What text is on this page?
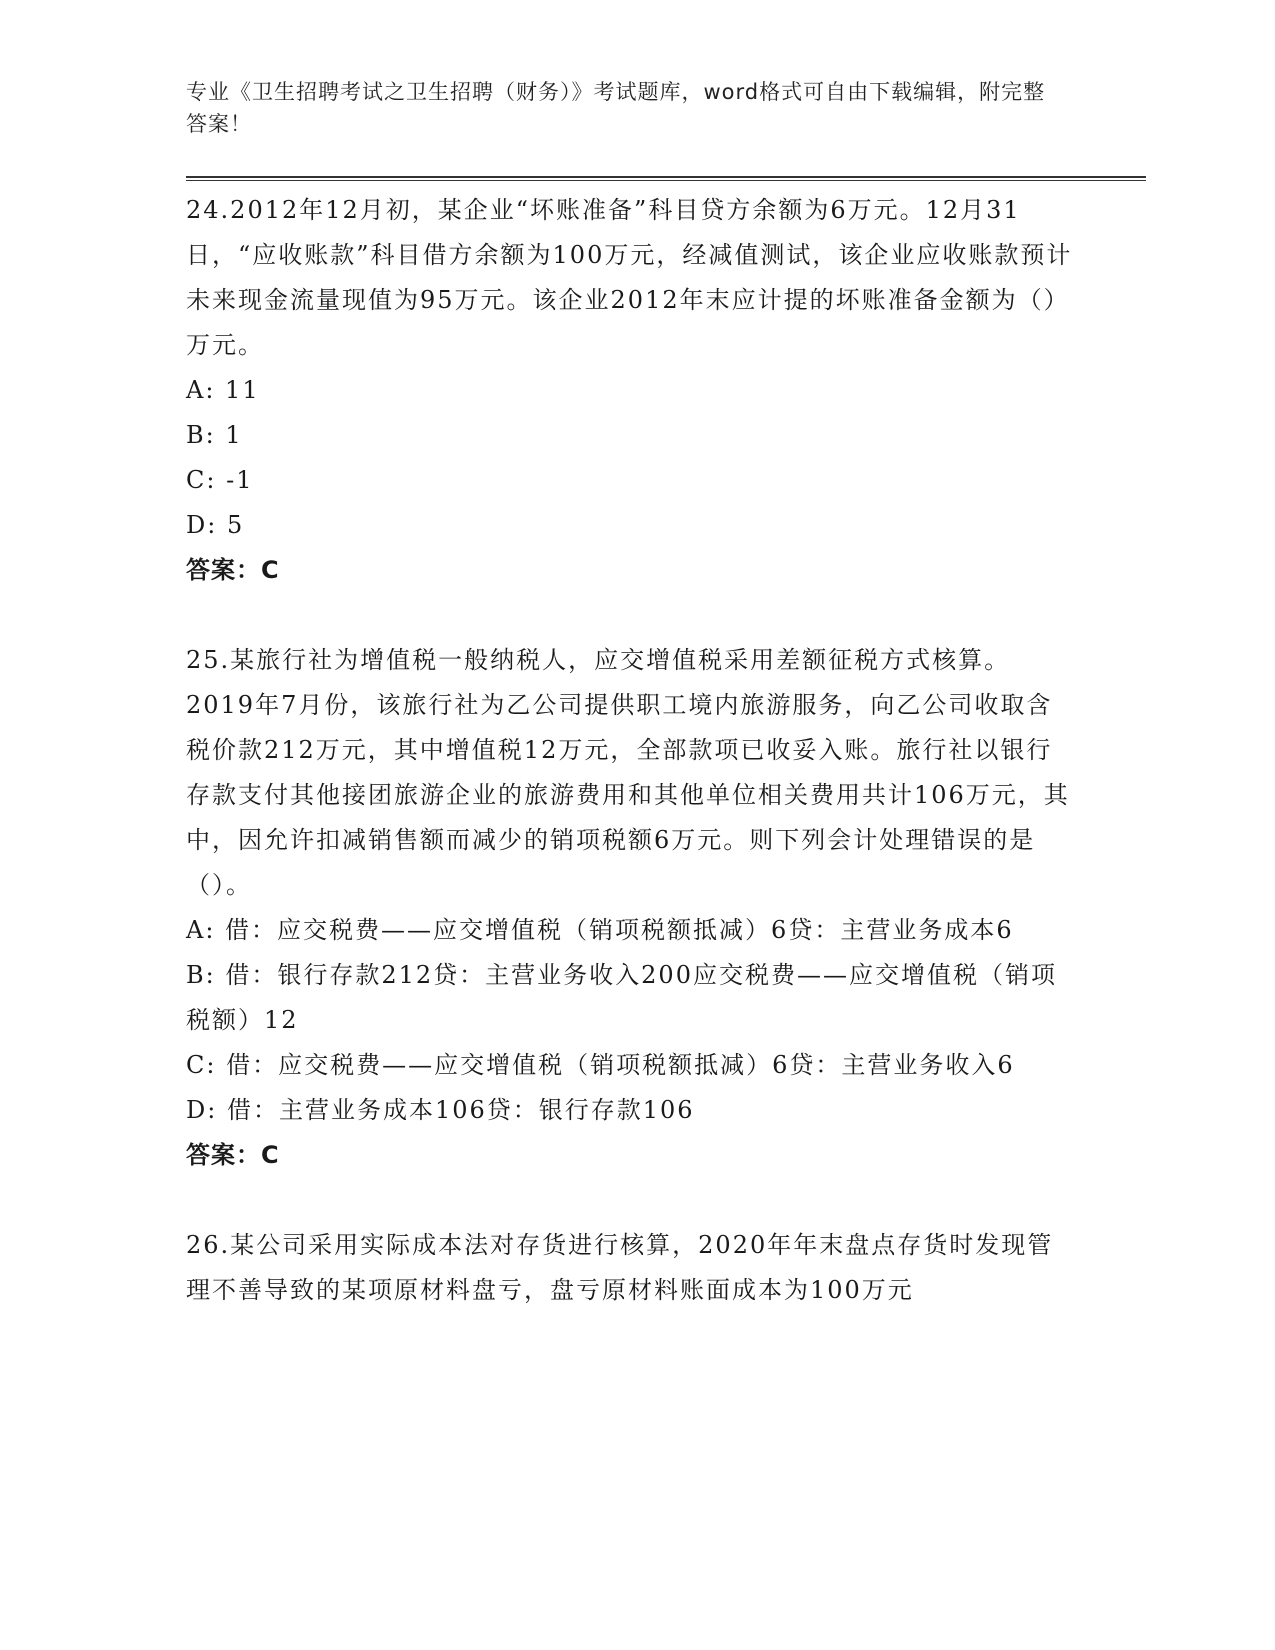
专业《卫生招聘考试之卫生招聘（财务）》考试题库，word格式可自由下载编辑，附完整答案！

24.2012年12月初，某企业“坏账准备”科目贷方余额为6万元。12月31日，“应收账款”科目借方余额为100万元，经减值测试，该企业应收账款预计未来现金流量现值为95万元。该企业2012年末应计提的坏账准备金额为（）万元。

A: 11

B: 1

C: -1

D: 5

答案：C

25.某旅行社为增值税一般纳税人，应交增值税采用差额征税方式核算。2019年7月份，该旅行社为乙公司提供职工境内旅游服务，向乙公司收取含税价款212万元，其中增值税12万元，全部款项已收妥入账。旅行社以银行存款支付其他接团旅游企业的旅游费用和其他单位相关费用共计106万元，其中，因允许扣减销售额而减少的销项税额6万元。则下列会计处理错误的是（）。

A: 借：应交税费——应交增值税（销项税额抵减）6贷：主营业务成本6

B: 借：银行存款212贷：主营业务收入200应交税费——应交增值税（销项税额）12

C: 借：应交税费——应交增值税（销项税额抵减）6贷：主营业务收入6

D: 借：主营业务成本106贷：银行存款106

答案：C

26.某公司采用实际成本法对存货进行核算，2020年年末盘点存货时发现管理不善导致的某项原材料盘亏，盘亏原材料账面成本为100万元
